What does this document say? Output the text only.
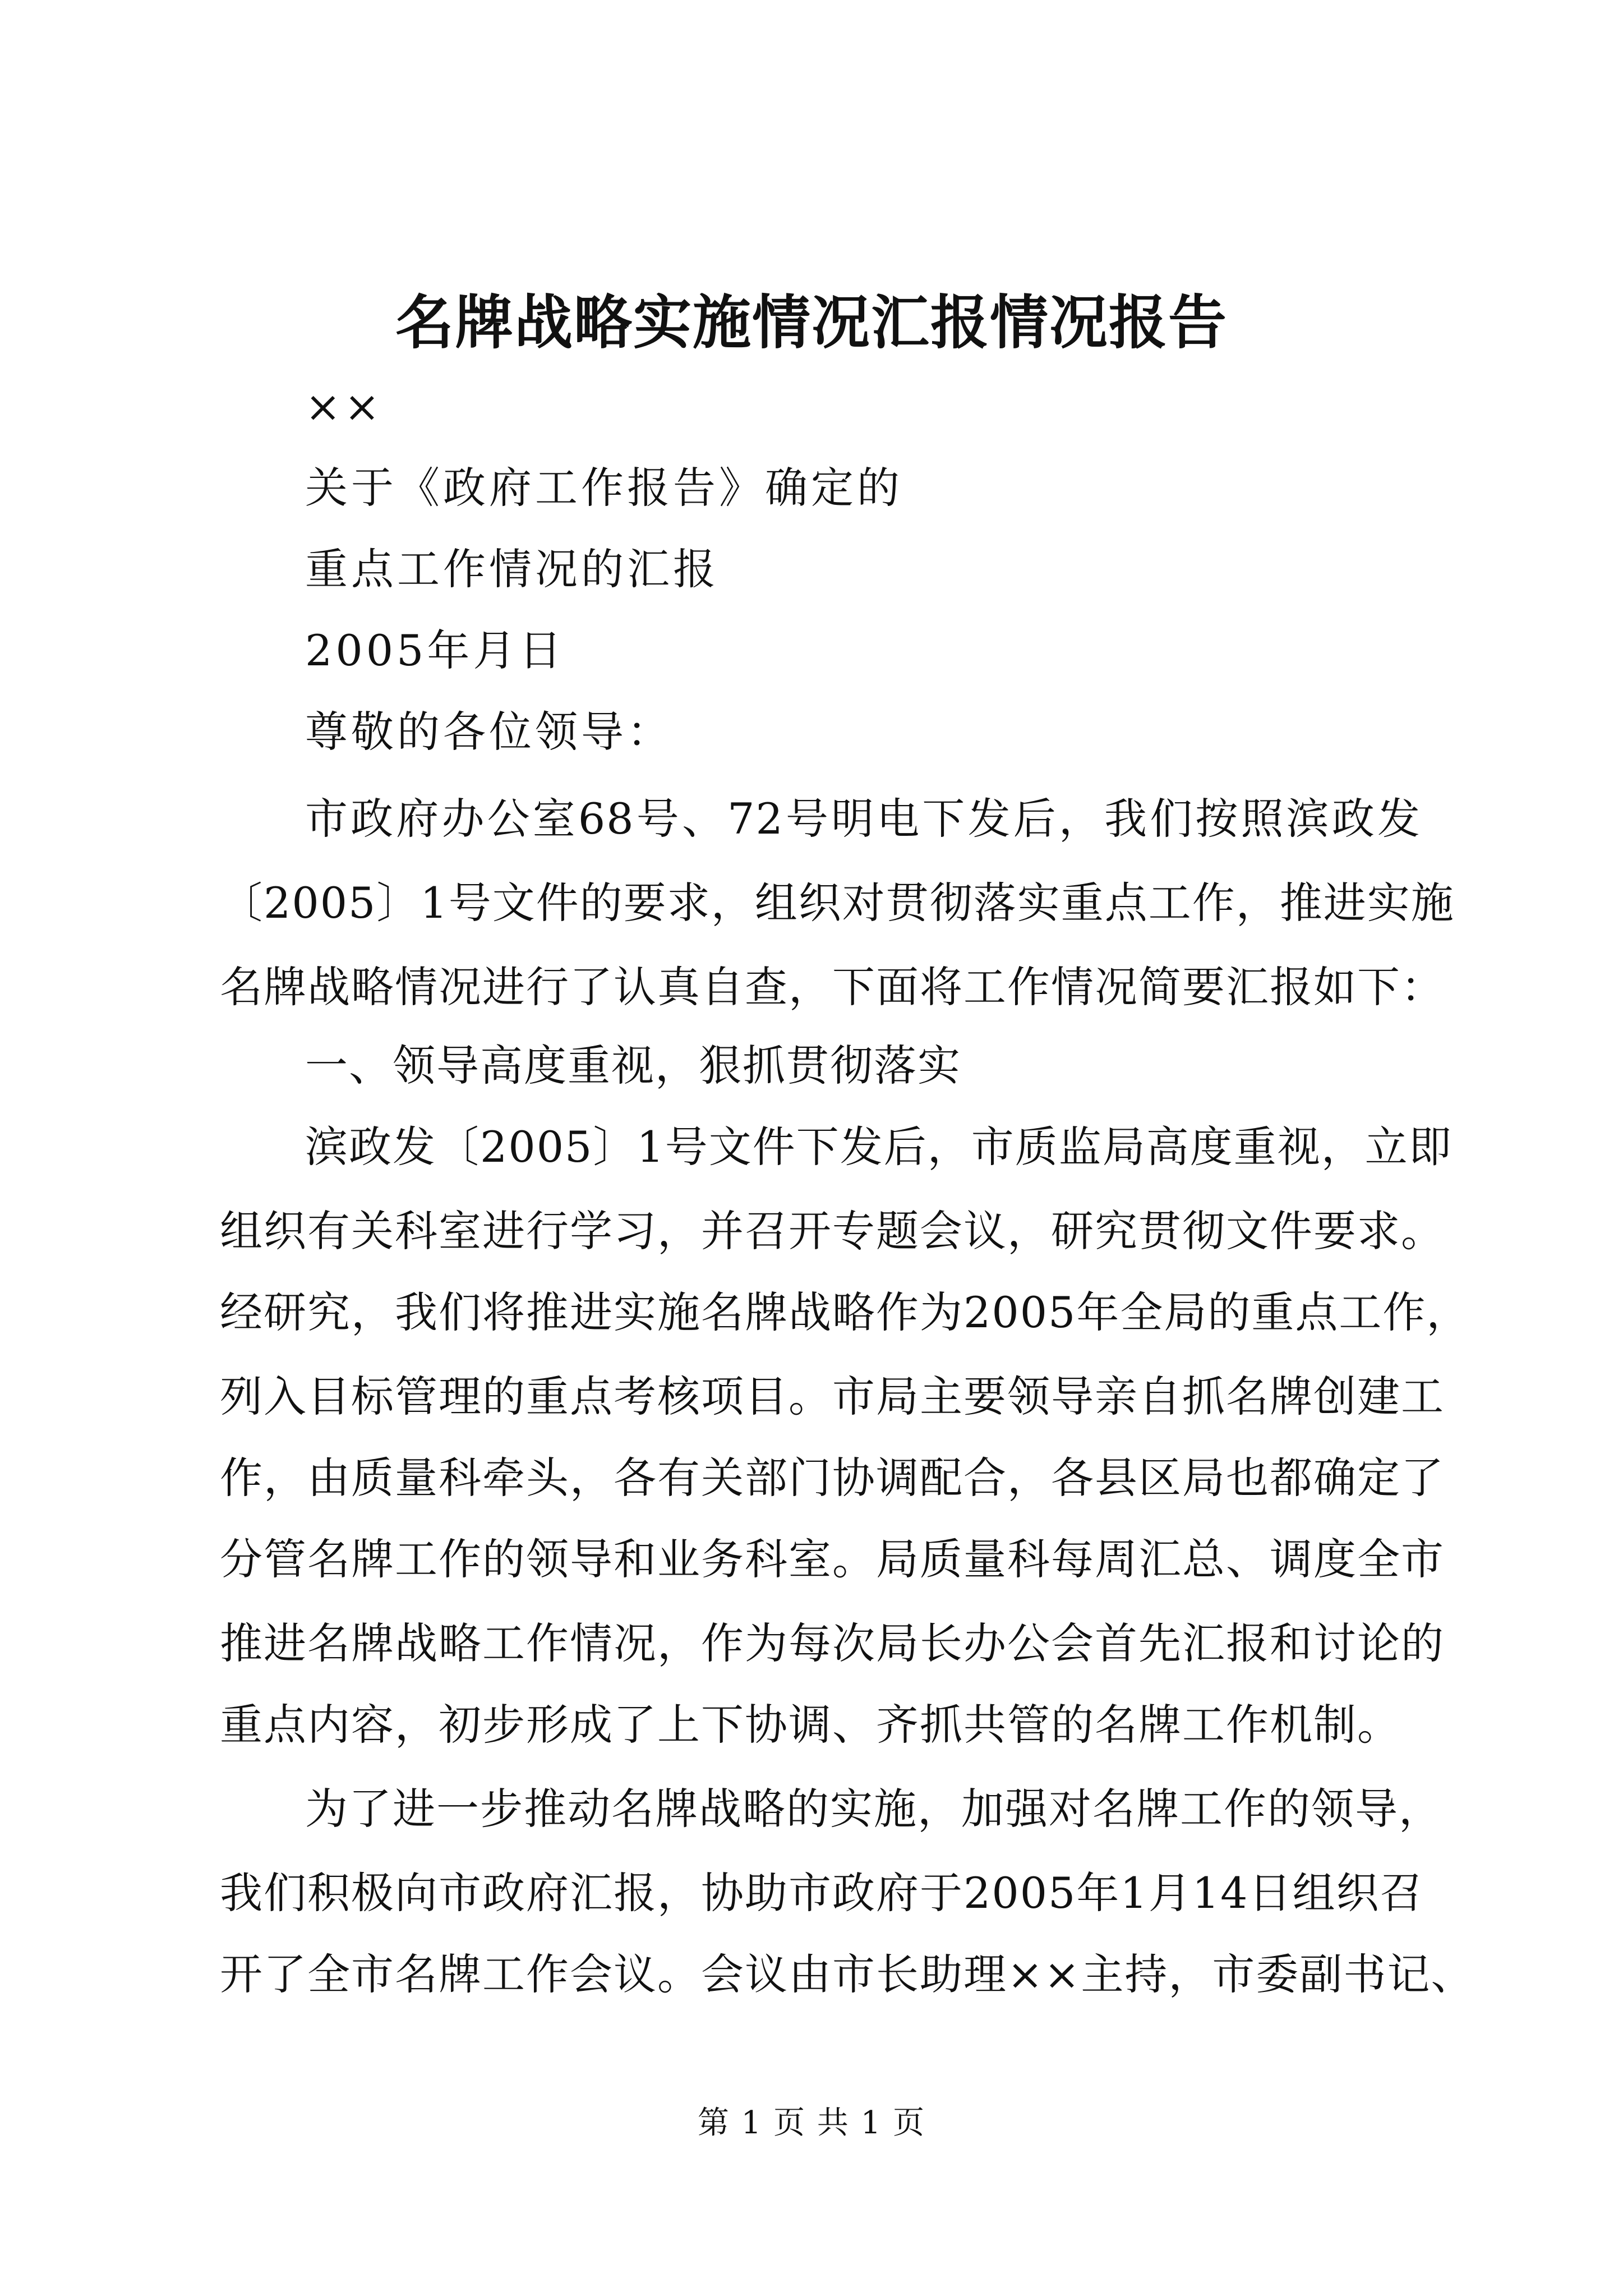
名牌战略实施情况汇报情况报告
××
关于《政府工作报告》确定的
重点工作情况的汇报
2005年月日
尊敬的各位领导：
市政府办公室68号、72号明电下发后，我们按照滨政发
〔2005〕1号文件的要求，组织对贯彻落实重点工作，推进实施
名牌战略情况进行了认真自查，下面将工作情况简要汇报如下：
一、领导高度重视，狠抓贯彻落实
滨政发〔2005〕1号文件下发后，市质监局高度重视，立即
组织有关科室进行学习，并召开专题会议，研究贯彻文件要求。
经研究，我们将推进实施名牌战略作为2005年全局的重点工作，
列入目标管理的重点考核项目。市局主要领导亲自抓名牌创建工
作，由质量科牵头，各有关部门协调配合，各县区局也都确定了
分管名牌工作的领导和业务科室。局质量科每周汇总、调度全市
推进名牌战略工作情况，作为每次局长办公会首先汇报和讨论的
重点内容，初步形成了上下协调、齐抓共管的名牌工作机制。
为了进一步推动名牌战略的实施，加强对名牌工作的领导，
我们积极向市政府汇报，协助市政府于2005年1月14日组织召
开了全市名牌工作会议。会议由市长助理××主持，市委副书记、
第 1 页 共 1 页
